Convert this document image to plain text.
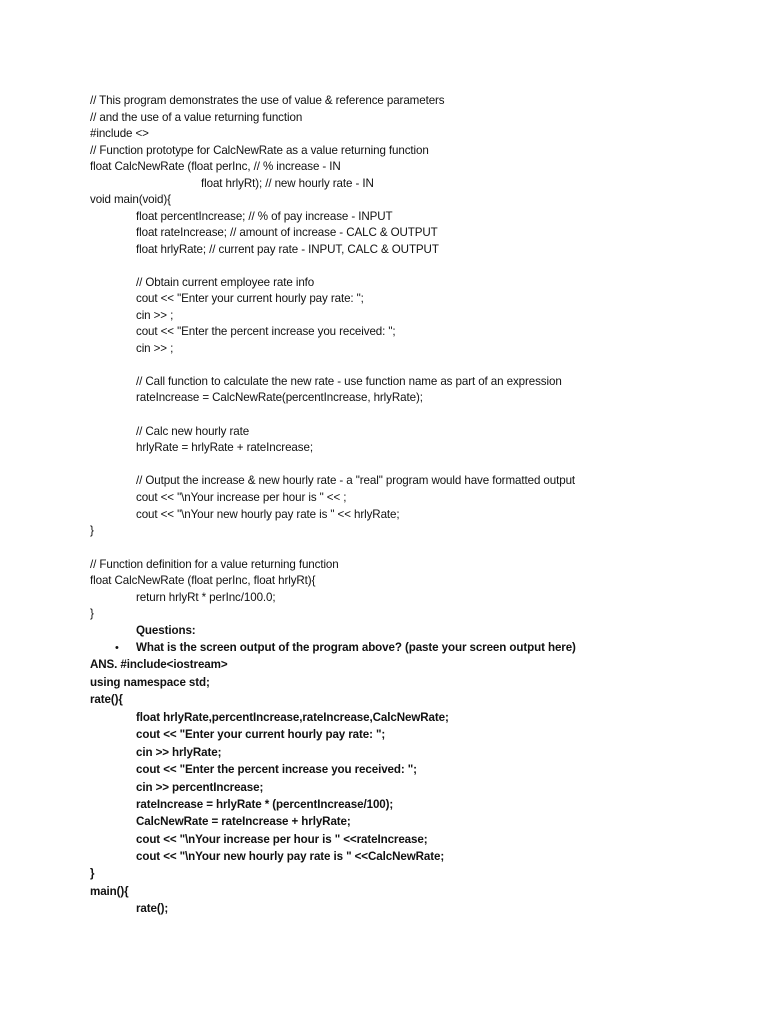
// This program demonstrates the use of value & reference parameters
// and the use of a value returning function
#include <>
// Function prototype for CalcNewRate as a value returning function
float CalcNewRate (float perInc, // % increase - IN
float hrlyRt); // new hourly rate - IN
void main(void){
float percentIncrease; // % of pay increase - INPUT
float rateIncrease; // amount of increase - CALC & OUTPUT
float hrlyRate; // current pay rate - INPUT, CALC & OUTPUT
// Obtain current employee rate info
cout << "Enter your current hourly pay rate: ";
cin >> ;
cout << "Enter the percent increase you received: ";
cin >> ;
// Call function to calculate the new rate - use function name as part of an expression
rateIncrease = CalcNewRate(percentIncrease, hrlyRate);
// Calc new hourly rate
hrlyRate = hrlyRate + rateIncrease;
// Output the increase & new hourly rate - a "real" program would have formatted output
cout << "\nYour increase per hour is " << ;
cout << "\nYour new hourly pay rate is " << hrlyRate;
}
// Function definition for a value returning function
float CalcNewRate (float perInc, float hrlyRt){
return hrlyRt * perInc/100.0;
}
Questions:
• What is the screen output of the program above? (paste your screen output here)
ANS. #include<iostream>
using namespace std;
rate(){
float hrlyRate,percentIncrease,rateIncrease,CalcNewRate;
cout << "Enter your current hourly pay rate: ";
cin >> hrlyRate;
cout << "Enter the percent increase you received: ";
cin >> percentIncrease;
rateIncrease = hrlyRate * (percentIncrease/100);
CalcNewRate = rateIncrease + hrlyRate;
cout << "\nYour increase per hour is " <<rateIncrease;
cout << "\nYour new hourly pay rate is " <<CalcNewRate;
}
main(){
rate();
